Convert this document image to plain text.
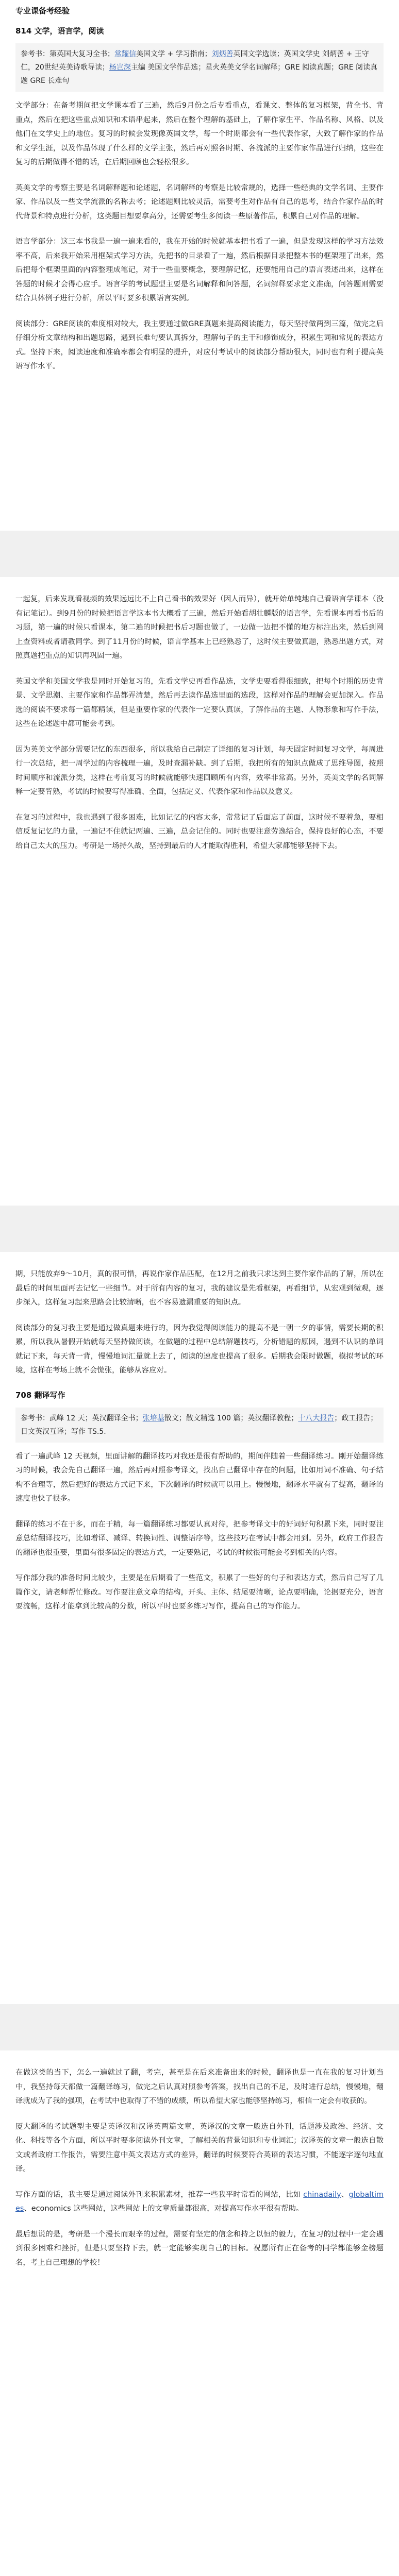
专业课备考经验
814 文学，语言学，阅读
参考书：第英国大复习全书；常耀信美国文学 + 学习指南；刘炳善英国文学选读；英国文学史 刘炳善 + 王守仁，20世纪英美诗歌导读；杨岂深主编 美国文学作品选；星火英美文学名词解释；GRE 阅读真题；GRE 阅读真题 GRE 长难句

文学部分：在备考期间把文学课本看了三遍，然后9月份之后专看重点，看课文、整体的复习框架，背全书、背重点，然后在把这些重点知识和术语串起来，然后在整个理解的基础上，了解作家生平、作品名称、风格、以及他们在文学史上的地位。复习的时候会发现像英国文学，每一个时期都会有一些代表作家，大致了解作家的作品和文学生涯，以及作品体现了什么样的文学主张，然后再对照各时期、各流派的主要作家作品进行归纳，这些在复习的后期做得不错的话，在后期回顾也会轻松很多。

英美文学的考察主要是名词解释题和论述题，名词解释的考察是比较常规的，选择一些经典的文学名词、主要作家、作品以及一些文学流派的名称去考；论述题则比较灵活，需要考生对作品有自己的思考，结合作家作品的时代背景和特点进行分析，这类题目想要拿高分，还需要考生多阅读一些原著作品，积累自己对作品的理解。

语言学部分：这三本书我是一遍一遍来看的，我在开始的时候就基本把书看了一遍，但是发现这样的学习方法效率不高，后来我开始采用框架式学习方法，先把书的目录看了一遍，然后根据目录把整本书的框架理了出来，然后把每个框架里面的内容整理成笔记，对于一些重要概念，要理解记忆，还要能用自己的语言表述出来，这样在答题的时候才会得心应手。语言学的考试题型主要是名词解释和问答题，名词解释要求定义准确，问答题则需要结合具体例子进行分析，所以平时要多积累语言实例。

阅读部分：GRE阅读的难度相对较大，我主要通过做GRE真题来提高阅读能力，每天坚持做两到三篇，做完之后仔细分析文章结构和出题思路，遇到长难句要认真拆分，理解句子的主干和修饰成分，积累生词和常见的表达方式。坚持下来，阅读速度和准确率都会有明显的提升，对应付考试中的阅读部分帮助很大，同时也有利于提高英语写作水平。

一起复，后来发现看视频的效果远远比不上自己看书的效果好（因人而异），就开始单纯地自己看语言学课本（没有记笔记）。到9月份的时候把语言学这本书大概看了三遍，然后开始看胡壮麟版的语言学，先看课本再看书后的习题，第一遍的时候只看课本，第二遍的时候把书后习题也做了，一边做一边把不懂的地方标注出来，然后到网上查资料或者请教同学。到了11月份的时候，语言学基本上已经熟悉了，这时候主要做真题，熟悉出题方式，对照真题把重点的知识再巩固一遍。

英国文学和美国文学我是同时开始复习的，先看文学史再看作品选，文学史要看得很细致，把每个时期的历史背景、文学思潮、主要作家和作品都弄清楚，然后再去读作品选里面的选段，这样对作品的理解会更加深入。作品选的阅读不要求每一篇都精读，但是重要作家的代表作一定要认真读，了解作品的主题、人物形象和写作手法，这些在论述题中都可能会考到。

因为英美文学部分需要记忆的东西很多，所以我给自己制定了详细的复习计划，每天固定时间复习文学，每周进行一次总结，把一周学过的内容梳理一遍，及时查漏补缺。到了后期，我把所有的知识点做成了思维导图，按照时间顺序和流派分类，这样在考前复习的时候就能够快速回顾所有内容，效率非常高。另外，英美文学的名词解释一定要背熟，考试的时候要写得准确、全面，包括定义、代表作家和作品以及意义。

在复习的过程中，我也遇到了很多困难，比如记忆的内容太多，常常记了后面忘了前面，这时候不要着急，要相信反复记忆的力量，一遍记不住就记两遍、三遍，总会记住的。同时也要注意劳逸结合，保持良好的心态，不要给自己太大的压力。考研是一场持久战，坚持到最后的人才能取得胜利，希望大家都能够坚持下去。

期，只能放弃9～10月，真的很可惜，再说作家作品匹配，在12月之前我只求达到主要作家作品的了解，所以在最后的时间里面再去记忆一些细节。对于所有内容的复习，我的建议是先看框架，再看细节，从宏观到微观，逐步深入，这样复习起来思路会比较清晰，也不容易遗漏重要的知识点。

阅读部分的复习我主要是通过做真题来进行的，因为我觉得阅读能力的提高不是一朝一夕的事情，需要长期的积累，所以我从暑假开始就每天坚持做阅读，在做题的过程中总结解题技巧，分析错题的原因，遇到不认识的单词就记下来，每天背一背，慢慢地词汇量就上去了，阅读的速度也提高了很多。后期我会限时做题，模拟考试的环境，这样在考场上就不会慌张，能够从容应对。

708 翻译写作
参考书：武峰 12 天；英汉翻译全书；张培基散文；散文精选 100 篇；英汉翻译教程；十八大报告；政工报告；日文英汉互译；写作 TS.5.

看了一遍武峰 12 天视频，里面讲解的翻译技巧对我还是很有帮助的，期间伴随着一些翻译练习。刚开始翻译练习的时候，我会先自己翻译一遍，然后再对照参考译文，找出自己翻译中存在的问题，比如用词不准确、句子结构不合理等，然后把好的表达方式记下来，下次翻译的时候就可以用上。慢慢地，翻译水平就有了提高，翻译的速度也快了很多。

翻译的练习不在于多，而在于精，每一篇翻译练习都要认真对待，把参考译文中的好词好句积累下来，同时要注意总结翻译技巧，比如增译、减译、转换词性、调整语序等，这些技巧在考试中都会用到。另外，政府工作报告的翻译也很重要，里面有很多固定的表达方式，一定要熟记，考试的时候很可能会考到相关的内容。

写作部分我的准备时间比较少，主要是在后期看了一些范文，积累了一些好的句子和表达方式，然后自己写了几篇作文，请老师帮忙修改。写作要注意文章的结构，开头、主体、结尾要清晰，论点要明确，论据要充分，语言要流畅，这样才能拿到比较高的分数，所以平时也要多练习写作，提高自己的写作能力。

在做这类的当下，怎么一遍就过了翻，考完，甚至是在后来准备出来的时候，翻译也是一直在我的复习计划当中，我坚持每天都做一篇翻译练习，做完之后认真对照参考答案，找出自己的不足，及时进行总结，慢慢地，翻译就成为了我的强项，在考试中也取得了不错的成绩，所以希望大家也能够坚持练习，相信一定会有收获的。

厦大翻译的考试题型主要是英译汉和汉译英两篇文章，英译汉的文章一般选自外刊，话题涉及政治、经济、文化、科技等各个方面，所以平时要多阅读外刊文章，了解相关的背景知识和专业词汇；汉译英的文章一般选自散文或者政府工作报告，需要注意中英文表达方式的差异，翻译的时候要符合英语的表达习惯，不能逐字逐句地直译。

写作方面的话，我主要是通过阅读外刊来积累素材，推荐一些我平时常看的网站，比如 chinadaily、globaltimes、economics 这些网站，这些网站上的文章质量都很高，对提高写作水平很有帮助。

最后想说的是，考研是一个漫长而艰辛的过程，需要有坚定的信念和持之以恒的毅力，在复习的过程中一定会遇到很多困难和挫折，但是只要坚持下去，就一定能够实现自己的目标。祝愿所有正在备考的同学都能够金榜题名，考上自己理想的学校！
